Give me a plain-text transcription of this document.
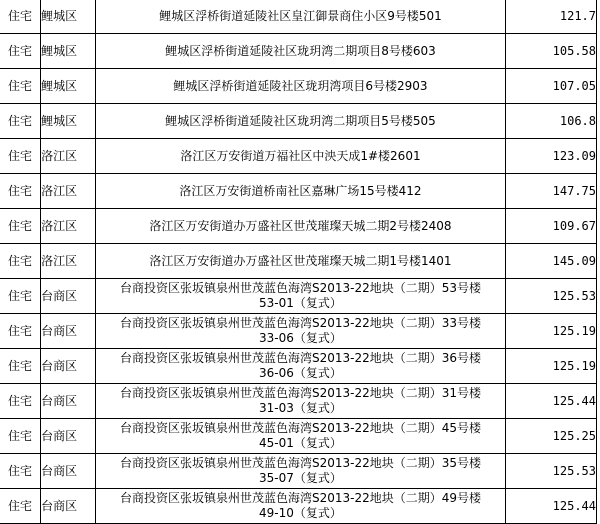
住宅	鲤城区	鲤城区浮桥街道延陵社区皇江御景商住小区9号楼501	121.7
住宅	鲤城区	鲤城区浮桥街道延陵社区珑玥湾二期项目8号楼603	105.58
住宅	鲤城区	鲤城区浮桥街道延陵社区珑玥湾项目6号楼2903	107.05
住宅	鲤城区	鲤城区浮桥街道延陵社区珑玥湾二期项目5号楼505	106.8
住宅	洛江区	洛江区万安街道万福社区中泱天成1#楼2601	123.09
住宅	洛江区	洛江区万安街道桥南社区嘉琳广场15号楼412	147.75
住宅	洛江区	洛江区万安街道办万盛社区世茂璀璨天城二期2号楼2408	109.67
住宅	洛江区	洛江区万安街道办万盛社区世茂璀璨天城二期1号楼1401	145.09
住宅	台商区	台商投资区张坂镇泉州世茂蓝色海湾S2013-22地块（二期）53号楼
53-01（复式）	125.53
住宅	台商区	台商投资区张坂镇泉州世茂蓝色海湾S2013-22地块（二期）33号楼
33-06（复式）	125.19
住宅	台商区	台商投资区张坂镇泉州世茂蓝色海湾S2013-22地块（二期）36号楼
36-06（复式）	125.19
住宅	台商区	台商投资区张坂镇泉州世茂蓝色海湾S2013-22地块（二期）31号楼
31-03（复式）	125.44
住宅	台商区	台商投资区张坂镇泉州世茂蓝色海湾S2013-22地块（二期）45号楼
45-01（复式）	125.25
住宅	台商区	台商投资区张坂镇泉州世茂蓝色海湾S2013-22地块（二期）35号楼
35-07（复式）	125.53
住宅	台商区	台商投资区张坂镇泉州世茂蓝色海湾S2013-22地块（二期）49号楼
49-10（复式）	125.44
